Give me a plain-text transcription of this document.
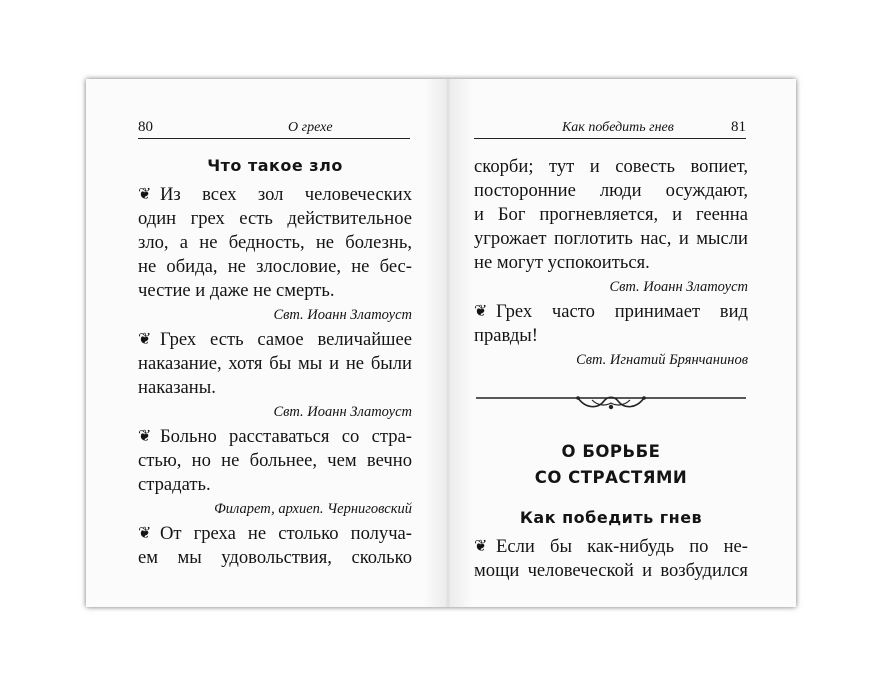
80	О грехе
Что такое зло
❦ Из всех зол человеческих
один грех есть действительное
зло, а не бедность, не болезнь,
не обида, не злословие, не бес-
честие и даже не смерть.
Свт. Иоанн Златоуст
❦ Грех есть самое величайшее
наказание, хотя бы мы и не были
наказаны.
Свт. Иоанн Златоуст
❦ Больно расставаться со стра-
стью, но не больнее, чем вечно
страдать.
Филарет, архиеп. Черниговский
❦ От греха не столько получа-
ем мы удовольствия, сколько
Как победить гнев	81
скорби; тут и совесть вопиет,
посторонние люди осуждают,
и Бог прогневляется, и геенна
угрожает поглотить нас, и мысли
не могут успокоиться.
Свт. Иоанн Златоуст
❦ Грех часто принимает вид
правды!
Свт. Игнатий Брянчанинов
О БОРЬБЕ
СО СТРАСТЯМИ
Как победить гнев
❦ Если бы как-нибудь по не-
мощи человеческой и возбудился
